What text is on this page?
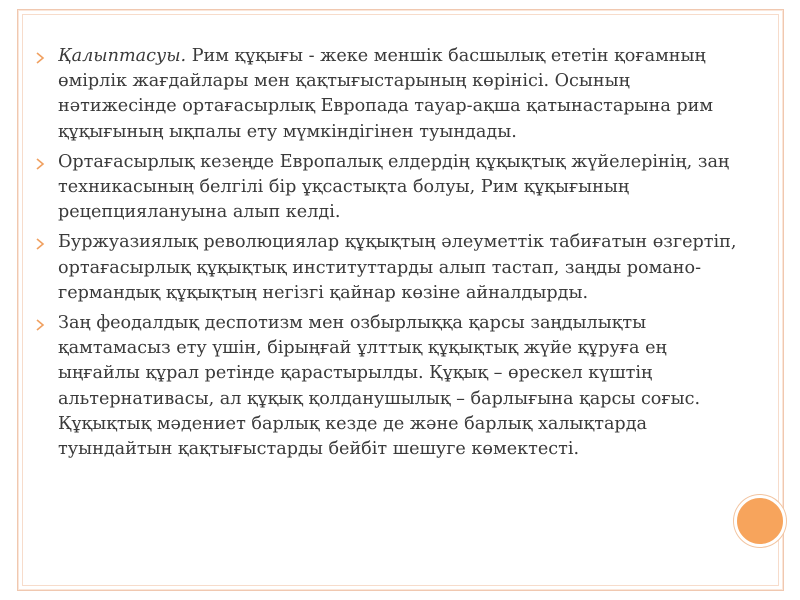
Қалыптасуы. Рим құқығы - жеке меншік басшылық ететін қоғамның өмірлік жағдайлары мен қақтығыстарының көрінісі. Осының нәтижесінде ортағасырлық Европада тауар-ақша қатынастарына рим құқығының ықпалы ету мүмкіндігінен туындады.

Ортағасырлық кезеңде Европалық елдердің құқықтық жүйелерінің, заң техникасының белгілі бір ұқсастықта болуы, Рим құқығының рецепциялануына алып келді.

Буржуазиялық революциялар құқықтың әлеуметтік табиғатын өзгертіп, ортағасырлық құқықтық институттарды алып тастап, заңды романо-германдық құқықтың негізгі қайнар көзіне айналдырды.

Заң феодалдық деспотизм мен озбырлыққа қарсы заңдылықты қамтамасыз ету үшін, бірыңғай ұлттық құқықтық жүйе құруға ең ыңғайлы құрал ретінде қарастырылды. Құқық – өрескел күштің альтернативасы, ал құқық қолданушылық – барлығына қарсы соғыс. Құқықтық мәдениет барлық кезде де және барлық халықтарда туындайтын қақтығыстарды бейбіт шешуге көмектесті.
